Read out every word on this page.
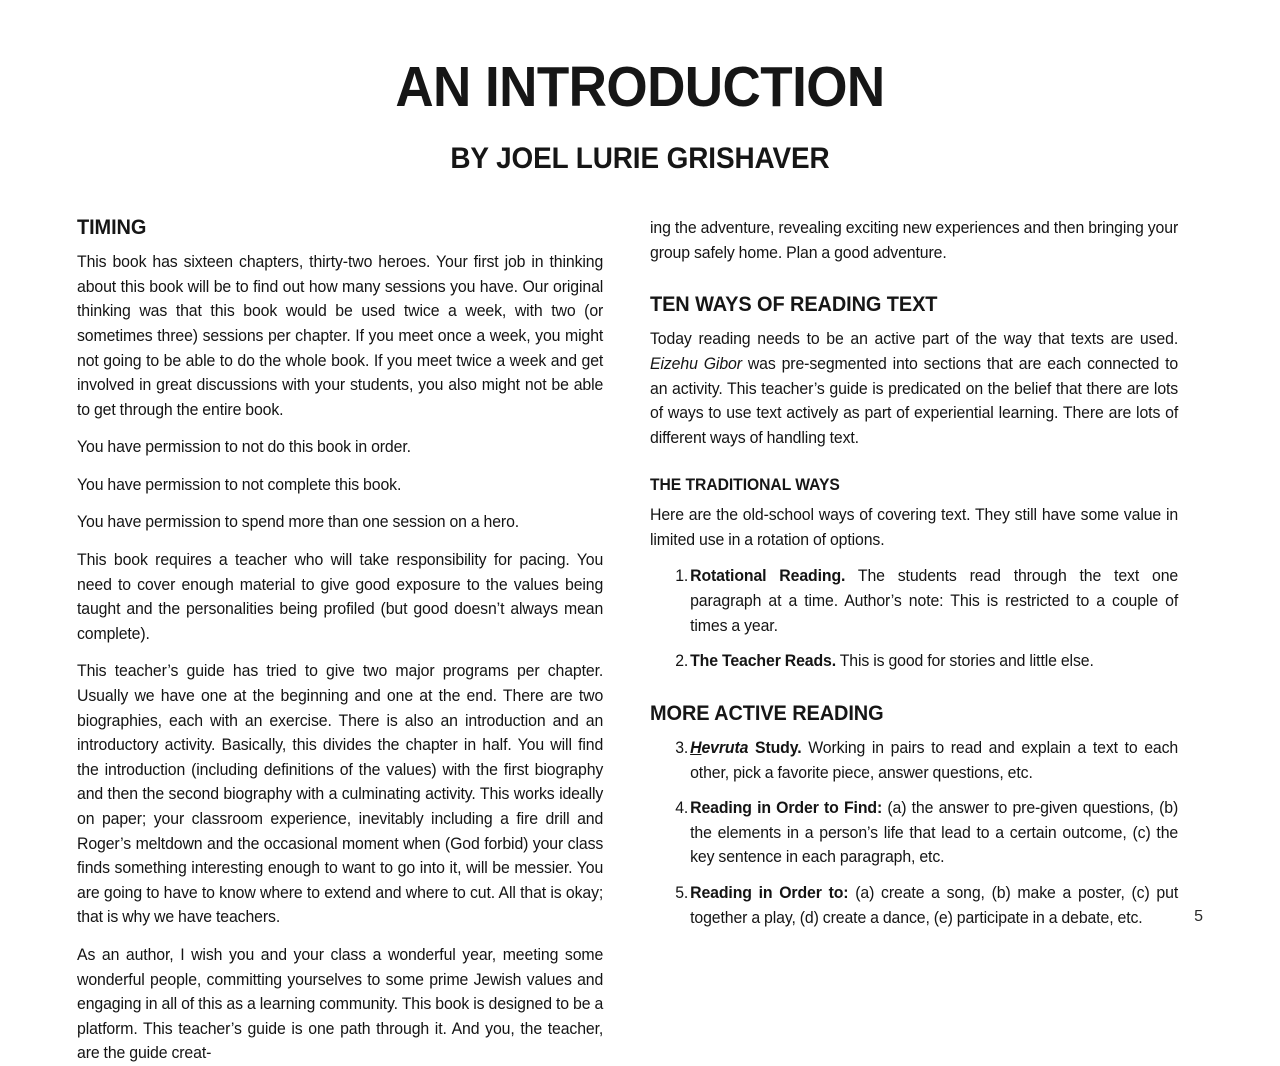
AN INTRODUCTION
BY JOEL LURIE GRISHAVER
TIMING

This book has sixteen chapters, thirty-two heroes. Your first job in thinking about this book will be to find out how many sessions you have. Our original thinking was that this book would be used twice a week, with two (or sometimes three) sessions per chapter. If you meet once a week, you might not going to be able to do the whole book. If you meet twice a week and get involved in great discussions with your students, you also might not be able to get through the entire book.

You have permission to not do this book in order.

You have permission to not complete this book.

You have permission to spend more than one session on a hero.

This book requires a teacher who will take responsibility for pacing. You need to cover enough material to give good exposure to the values being taught and the personalities being profiled (but good doesn’t always mean complete).

This teacher’s guide has tried to give two major programs per chapter. Usually we have one at the beginning and one at the end. There are two biographies, each with an exercise. There is also an introduction and an introductory activity. Basically, this divides the chapter in half. You will find the introduction (including definitions of the values) with the first biography and then the second biography with a culminating activity. This works ideally on paper; your classroom experience, inevitably including a fire drill and Roger’s meltdown and the occasional moment when (God forbid) your class finds something interesting enough to want to go into it, will be messier. You are going to have to know where to extend and where to cut. All that is okay; that is why we have teachers.

As an author, I wish you and your class a wonderful year, meeting some wonderful people, committing yourselves to some prime Jewish values and engaging in all of this as a learning community. This book is designed to be a platform. This teacher’s guide is one path through it. And you, the teacher, are the guide creat-

ing the adventure, revealing exciting new experiences and then bringing your group safely home. Plan a good adventure.

TEN WAYS OF READING TEXT

Today reading needs to be an active part of the way that texts are used. Eizehu Gibor was pre-segmented into sections that are each connected to an activity. This teacher’s guide is predicated on the belief that there are lots of ways to use text actively as part of experiential learning. There are lots of different ways of handling text.

THE TRADITIONAL WAYS

Here are the old-school ways of covering text. They still have some value in limited use in a rotation of options.

1. Rotational Reading. The students read through the text one paragraph at a time. Author’s note: This is restricted to a couple of times a year.
2. The Teacher Reads. This is good for stories and little else.
MORE ACTIVE READING
3. Hevruta Study. Working in pairs to read and explain a text to each other, pick a favorite piece, answer questions, etc.
4. Reading in Order to Find: (a) the answer to pre-given questions, (b) the elements in a person’s life that lead to a certain outcome, (c) the key sentence in each paragraph, etc.
5. Reading in Order to: (a) create a song, (b) make a poster, (c) put together a play, (d) create a dance, (e) participate in a debate, etc.	5
